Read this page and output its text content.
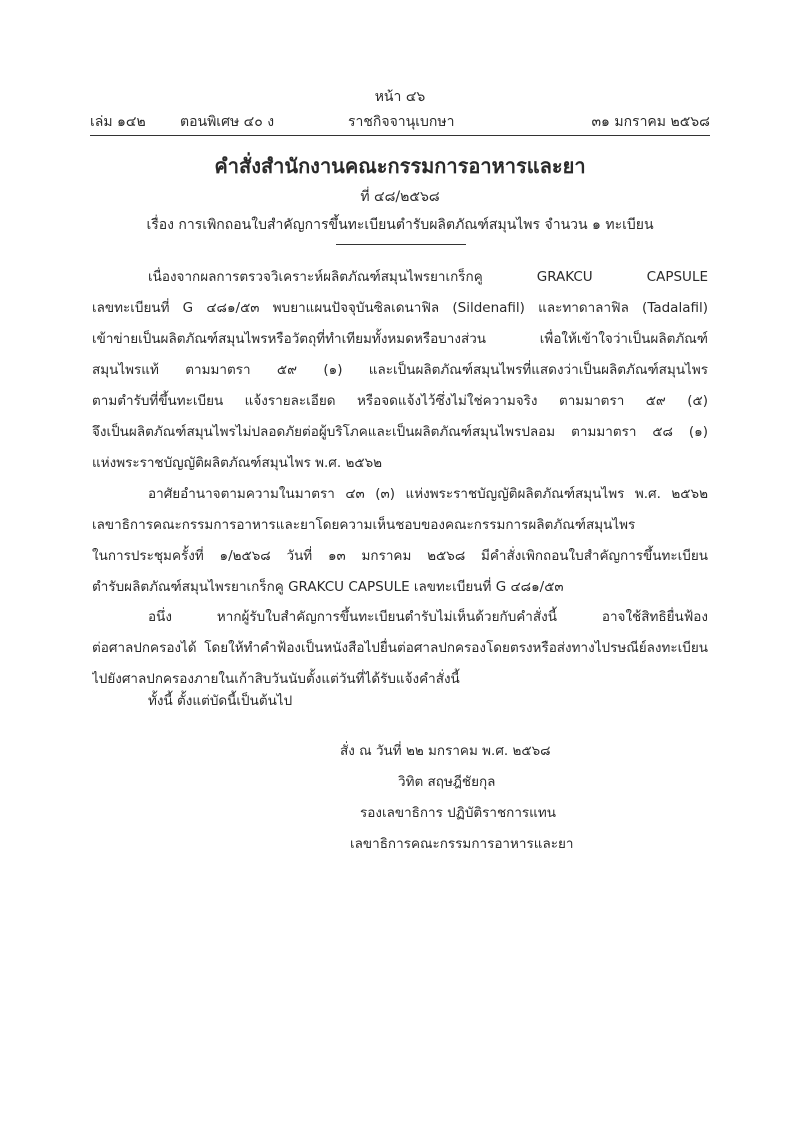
หน้า ๔๖
เล่ม ๑๔๒ ตอนพิเศษ ๔๐ ง	ราชกิจจานุเบกษา	๓๑ มกราคม ๒๕๖๘
คำสั่งสำนักงานคณะกรรมการอาหารและยา
ที่ ๔๘/๒๕๖๘
เรื่อง การเพิกถอนใบสำคัญการขึ้นทะเบียนตำรับผลิตภัณฑ์สมุนไพร จำนวน ๑ ทะเบียน
เนื่องจากผลการตรวจวิเคราะห์ผลิตภัณฑ์สมุนไพรยาเกร็กคู GRAKCU CAPSULE
เลขทะเบียนที่ G ๔๘๑/๕๓ พบยาแผนปัจจุบันซิลเดนาฟิล (Sildenafil) และทาดาลาฟิล (Tadalafil)
เข้าข่ายเป็นผลิตภัณฑ์สมุนไพรหรือวัตถุที่ทำเทียมทั้งหมดหรือบางส่วน เพื่อให้เข้าใจว่าเป็นผลิตภัณฑ์
สมุนไพรแท้ ตามมาตรา ๕๙ (๑) และเป็นผลิตภัณฑ์สมุนไพรที่แสดงว่าเป็นผลิตภัณฑ์สมุนไพร
ตามตำรับที่ขึ้นทะเบียน แจ้งรายละเอียด หรือจดแจ้งไว้ซึ่งไม่ใช่ความจริง ตามมาตรา ๕๙ (๕)
จึงเป็นผลิตภัณฑ์สมุนไพรไม่ปลอดภัยต่อผู้บริโภคและเป็นผลิตภัณฑ์สมุนไพรปลอม ตามมาตรา ๕๘ (๑)
แห่งพระราชบัญญัติผลิตภัณฑ์สมุนไพร พ.ศ. ๒๕๖๒
อาศัยอำนาจตามความในมาตรา ๔๓ (๓) แห่งพระราชบัญญัติผลิตภัณฑ์สมุนไพร พ.ศ. ๒๕๖๒
เลขาธิการคณะกรรมการอาหารและยาโดยความเห็นชอบของคณะกรรมการผลิตภัณฑ์สมุนไพร
ในการประชุมครั้งที่ ๑/๒๕๖๘ วันที่ ๑๓ มกราคม ๒๕๖๘ มีคำสั่งเพิกถอนใบสำคัญการขึ้นทะเบียน
ตำรับผลิตภัณฑ์สมุนไพรยาเกร็กคู GRAKCU CAPSULE เลขทะเบียนที่ G ๔๘๑/๕๓
อนึ่ง หากผู้รับใบสำคัญการขึ้นทะเบียนตำรับไม่เห็นด้วยกับคำสั่งนี้ อาจใช้สิทธิยื่นฟ้อง
ต่อศาลปกครองได้ โดยให้ทำคำฟ้องเป็นหนังสือไปยื่นต่อศาลปกครองโดยตรงหรือส่งทางไปรษณีย์ลงทะเบียน
ไปยังศาลปกครองภายในเก้าสิบวันนับตั้งแต่วันที่ได้รับแจ้งคำสั่งนี้
ทั้งนี้ ตั้งแต่บัดนี้เป็นต้นไป
สั่ง ณ วันที่ ๒๒ มกราคม พ.ศ. ๒๕๖๘
วิทิต สฤษฎีชัยกุล
รองเลขาธิการ ปฏิบัติราชการแทน
เลขาธิการคณะกรรมการอาหารและยา
